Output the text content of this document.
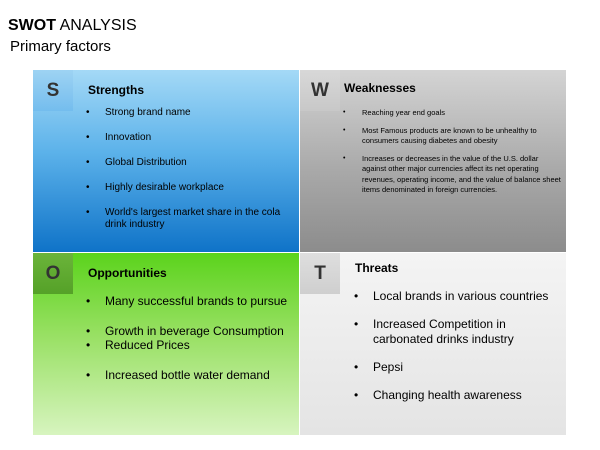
SWOT ANALYSIS
Primary factors
S	Strengths
• Strong brand name
• Innovation
• Global Distribution
• Highly desirable workplace
• World's largest market share in the cola drink industry
W	Weaknesses
• Reaching year end goals
• Most Famous products are known to be unhealthy to consumers causing diabetes and obesity
• Increases or decreases in the value of the U.S. dollar against other major currencies affect its net operating revenues, operating income, and the value of balance sheet items denominated in foreign currencies.
O	Opportunities
• Many successful brands to pursue
• Growth in beverage Consumption
• Reduced Prices
• Increased bottle water demand
T	Threats
• Local brands in various countries
• Increased Competition in carbonated drinks industry
• Pepsi
• Changing health awareness
